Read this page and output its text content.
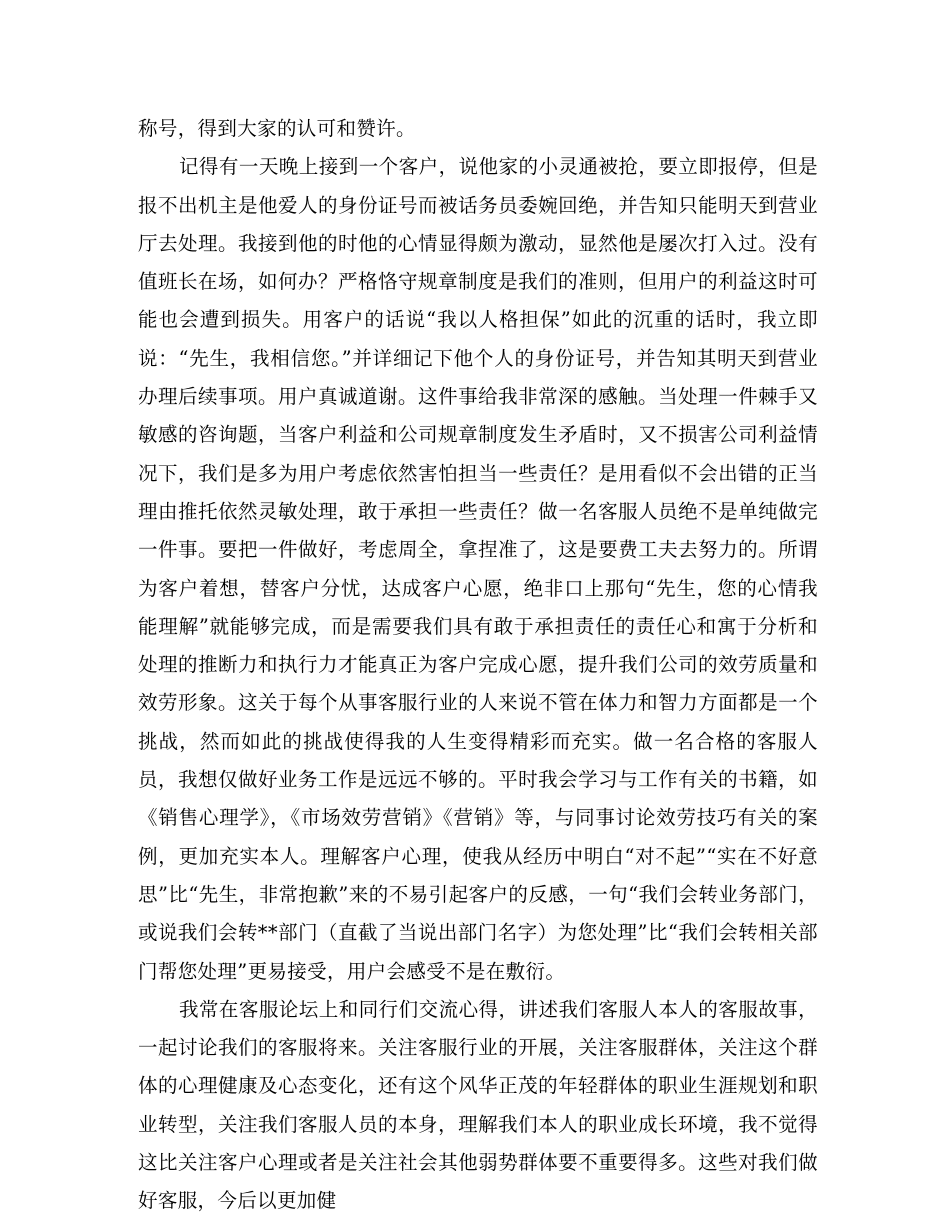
称号，得到大家的认可和赞许。

记得有一天晚上接到一个客户，说他家的小灵通被抢，要立即报停，但是报不出机主是他爱人的身份证号而被话务员委婉回绝，并告知只能明天到营业厅去处理。我接到他的时他的心情显得颇为激动，显然他是屡次打入过。没有值班长在场，如何办？严格恪守规章制度是我们的准则，但用户的利益这时可能也会遭到损失。用客户的话说“我以人格担保”如此的沉重的话时，我立即说：“先生，我相信您。”并详细记下他个人的身份证号，并告知其明天到营业办理后续事项。用户真诚道谢。这件事给我非常深的感触。当处理一件棘手又敏感的咨询题，当客户利益和公司规章制度发生矛盾时，又不损害公司利益情况下，我们是多为用户考虑依然害怕担当一些责任？是用看似不会出错的正当理由推托依然灵敏处理，敢于承担一些责任？做一名客服人员绝不是单纯做完一件事。要把一件做好，考虑周全，拿捏准了，这是要费工夫去努力的。所谓为客户着想，替客户分忧，达成客户心愿，绝非口上那句“先生，您的心情我能理解”就能够完成，而是需要我们具有敢于承担责任的责任心和寓于分析和处理的推断力和执行力才能真正为客户完成心愿，提升我们公司的效劳质量和效劳形象。这关于每个从事客服行业的人来说不管在体力和智力方面都是一个挑战，然而如此的挑战使得我的人生变得精彩而充实。做一名合格的客服人员，我想仅做好业务工作是远远不够的。平时我会学习与工作有关的书籍，如《销售心理学》，《市场效劳营销》《营销》等，与同事讨论效劳技巧有关的案例，更加充实本人。理解客户心理，使我从经历中明白“对不起”“实在不好意思”比“先生，非常抱歉”来的不易引起客户的反感，一句“我们会转业务部门，或说我们会转**部门（直截了当说出部门名字）为您处理”比“我们会转相关部门帮您处理”更易接受，用户会感受不是在敷衍。

我常在客服论坛上和同行们交流心得，讲述我们客服人本人的客服故事，一起讨论我们的客服将来。关注客服行业的开展，关注客服群体，关注这个群体的心理健康及心态变化，还有这个风华正茂的年轻群体的职业生涯规划和职业转型，关注我们客服人员的本身，理解我们本人的职业成长环境，我不觉得这比关注客户心理或者是关注社会其他弱势群体要不重要得多。这些对我们做好客服，今后以更加健
